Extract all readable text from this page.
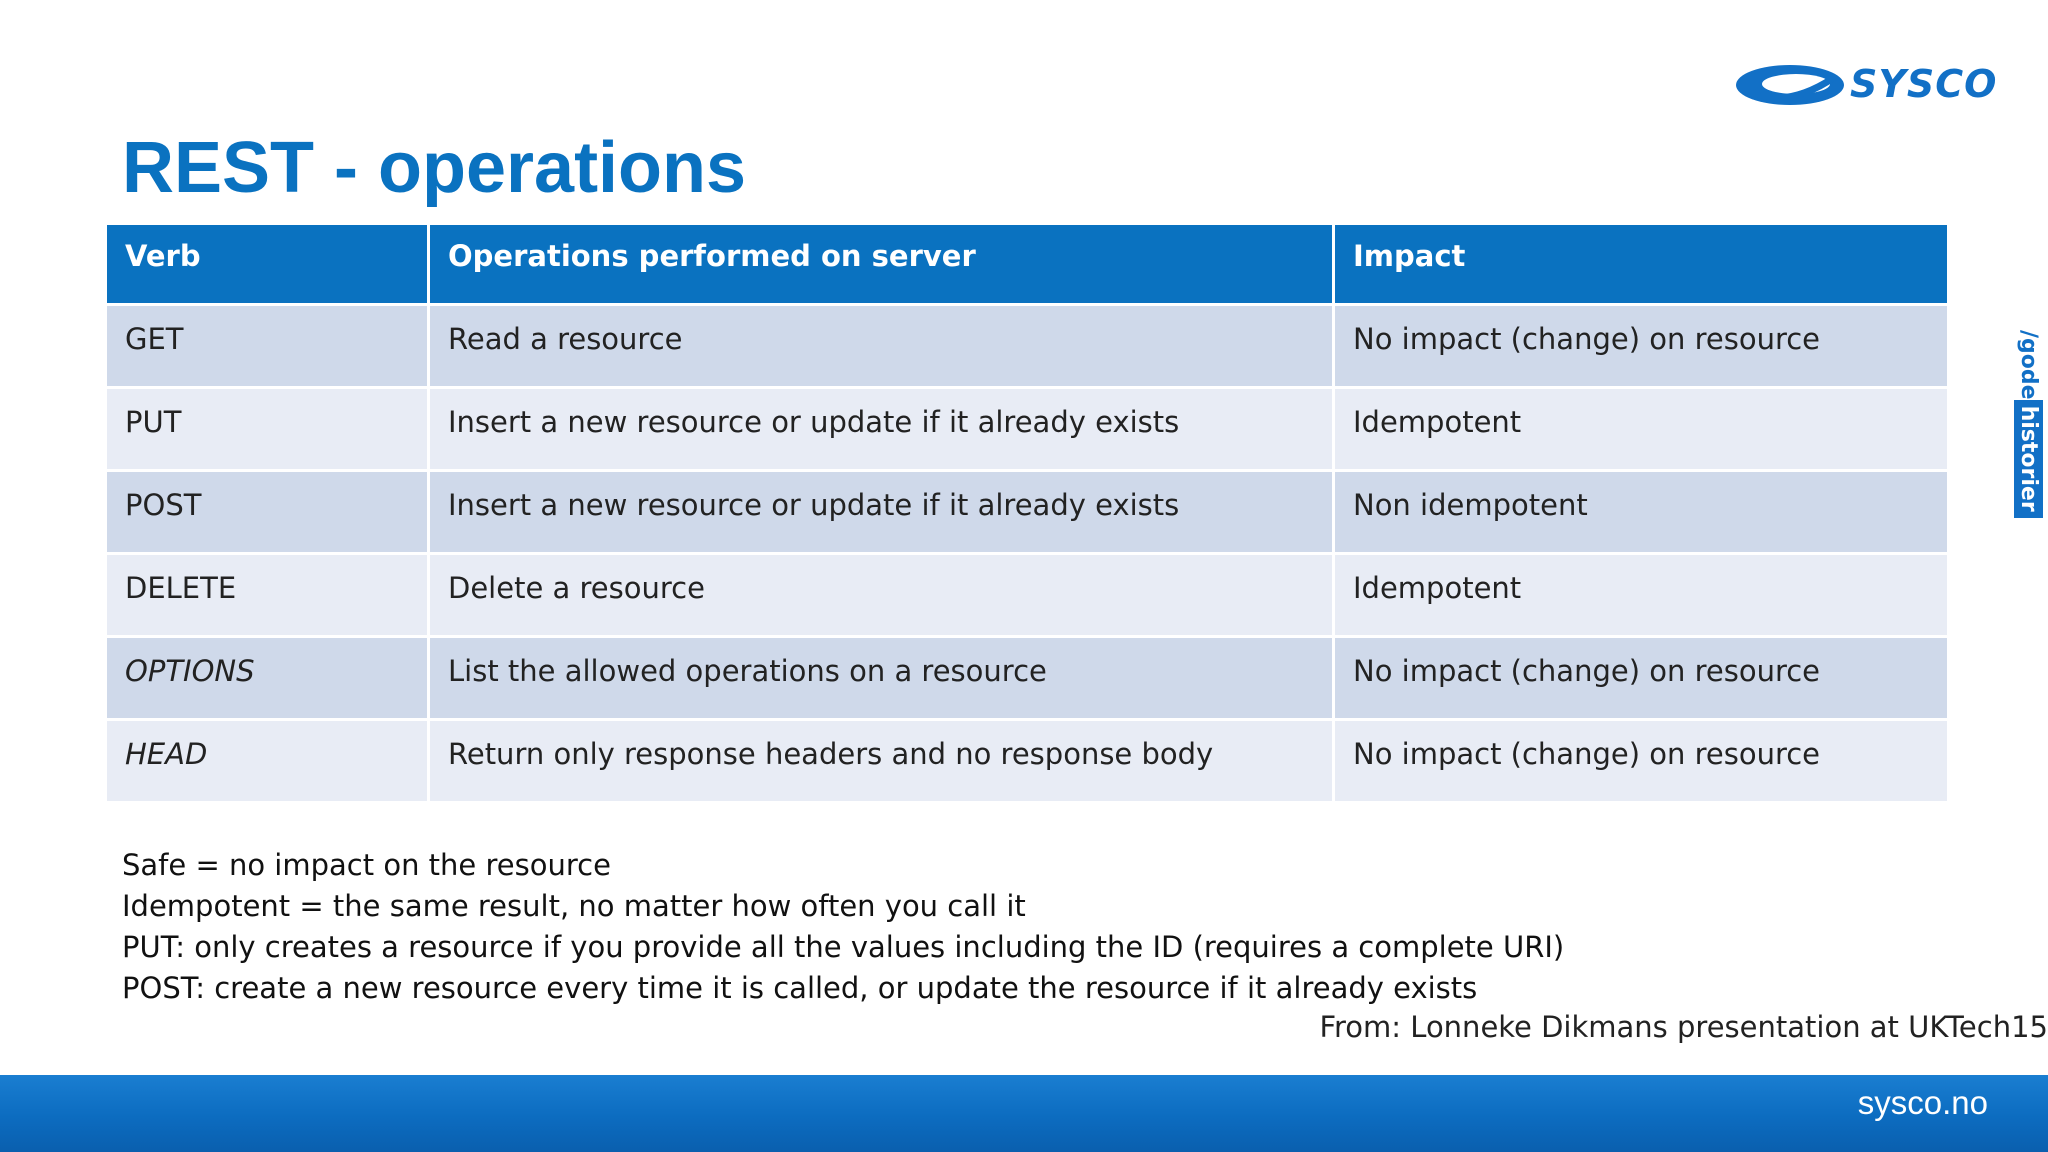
SYSCO
REST - operations
/godehistorier
Verb	Operations performed on server	Impact
GET	Read a resource	No impact (change) on resource
PUT	Insert a new resource or update if it already exists	Idempotent
POST	Insert a new resource or update if it already exists	Non idempotent
DELETE	Delete a resource	Idempotent
OPTIONS	List the allowed operations on a resource	No impact (change) on resource
HEAD	Return only response headers and no response body	No impact (change) on resource
Safe = no impact on the resource
Idempotent = the same result, no matter how often you call it
PUT: only creates a resource if you provide all the values including the ID (requires a complete URI)
POST: create a new resource every time it is called, or update the resource if it already exists
From: Lonneke Dikmans presentation at UKTech15
sysco.no
